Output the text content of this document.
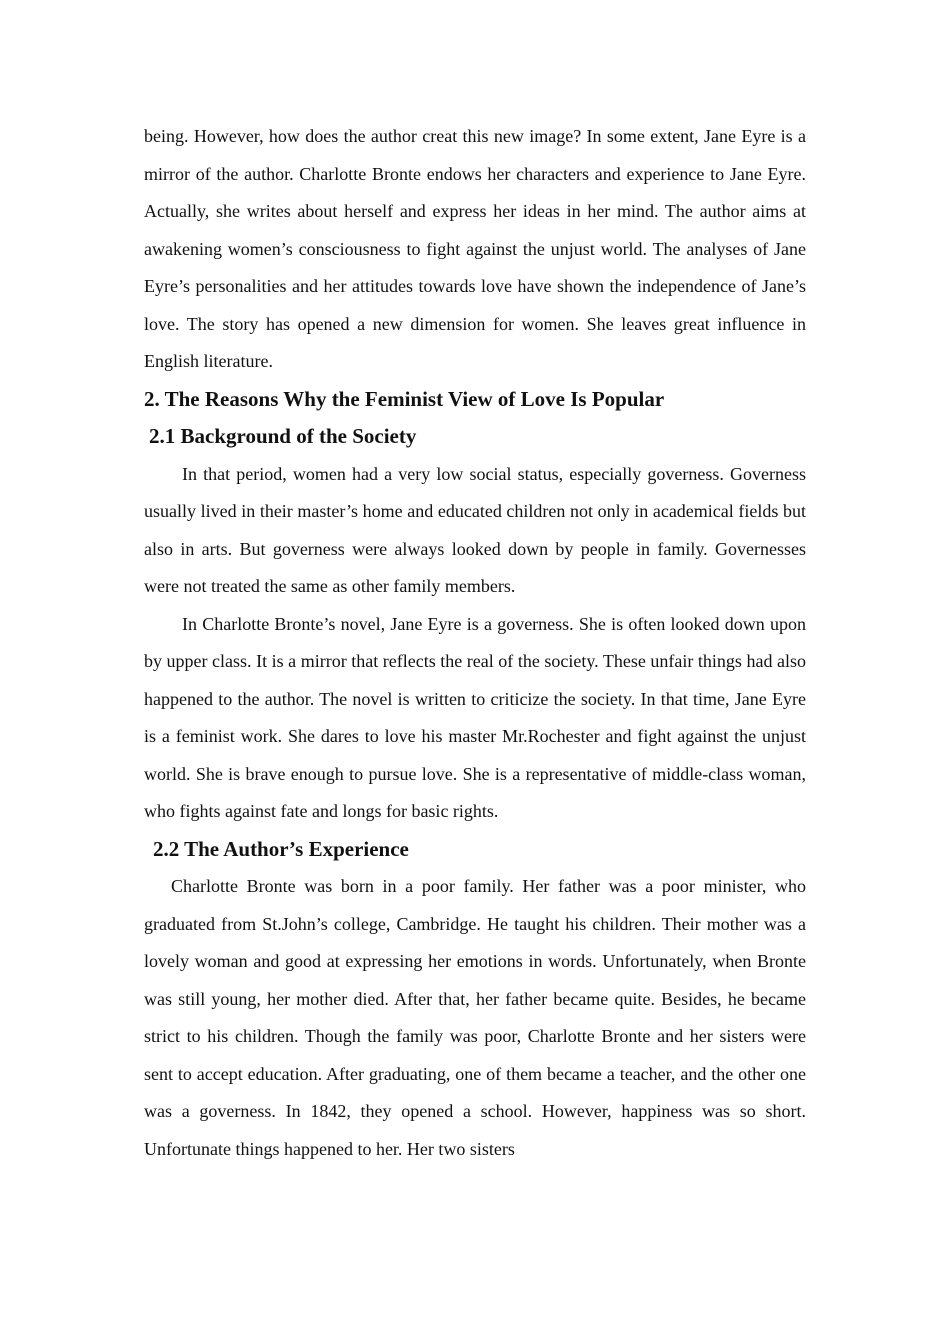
being. However, how does the author creat this new image? In some extent, Jane Eyre is a mirror of the author. Charlotte Bronte endows her characters and experience to Jane Eyre. Actually, she writes about herself and express her ideas in her mind. The author aims at awakening women’s consciousness to fight against the unjust world. The analyses of Jane Eyre’s personalities and her attitudes towards love have shown the independence of Jane’s love. The story has opened a new dimension for women. She leaves great influence in English literature.

2. The Reasons Why the Feminist View of Love Is Popular
2.1 Background of the Society

In that period, women had a very low social status, especially governess. Governess usually lived in their master’s home and educated children not only in academical fields but also in arts. But governess were always looked down by people in family. Governesses were not treated the same as other family members.

In Charlotte Bronte’s novel, Jane Eyre is a governess. She is often looked down upon by upper class. It is a mirror that reflects the real of the society. These unfair things had also happened to the author. The novel is written to criticize the society. In that time, Jane Eyre is a feminist work. She dares to love his master Mr.Rochester and fight against the unjust world. She is brave enough to pursue love. She is a representative of middle-class woman, who fights against fate and longs for basic rights.

2.2 The Author’s Experience

Charlotte Bronte was born in a poor family. Her father was a poor minister, who graduated from St.John’s college, Cambridge. He taught his children. Their mother was a lovely woman and good at expressing her emotions in words. Unfortunately, when Bronte was still young, her mother died. After that, her father became quite. Besides, he became strict to his children. Though the family was poor, Charlotte Bronte and her sisters were sent to accept education. After graduating, one of them became a teacher, and the other one was a governess. In 1842, they opened a school. However, happiness was so short. Unfortunate things happened to her. Her two sisters
